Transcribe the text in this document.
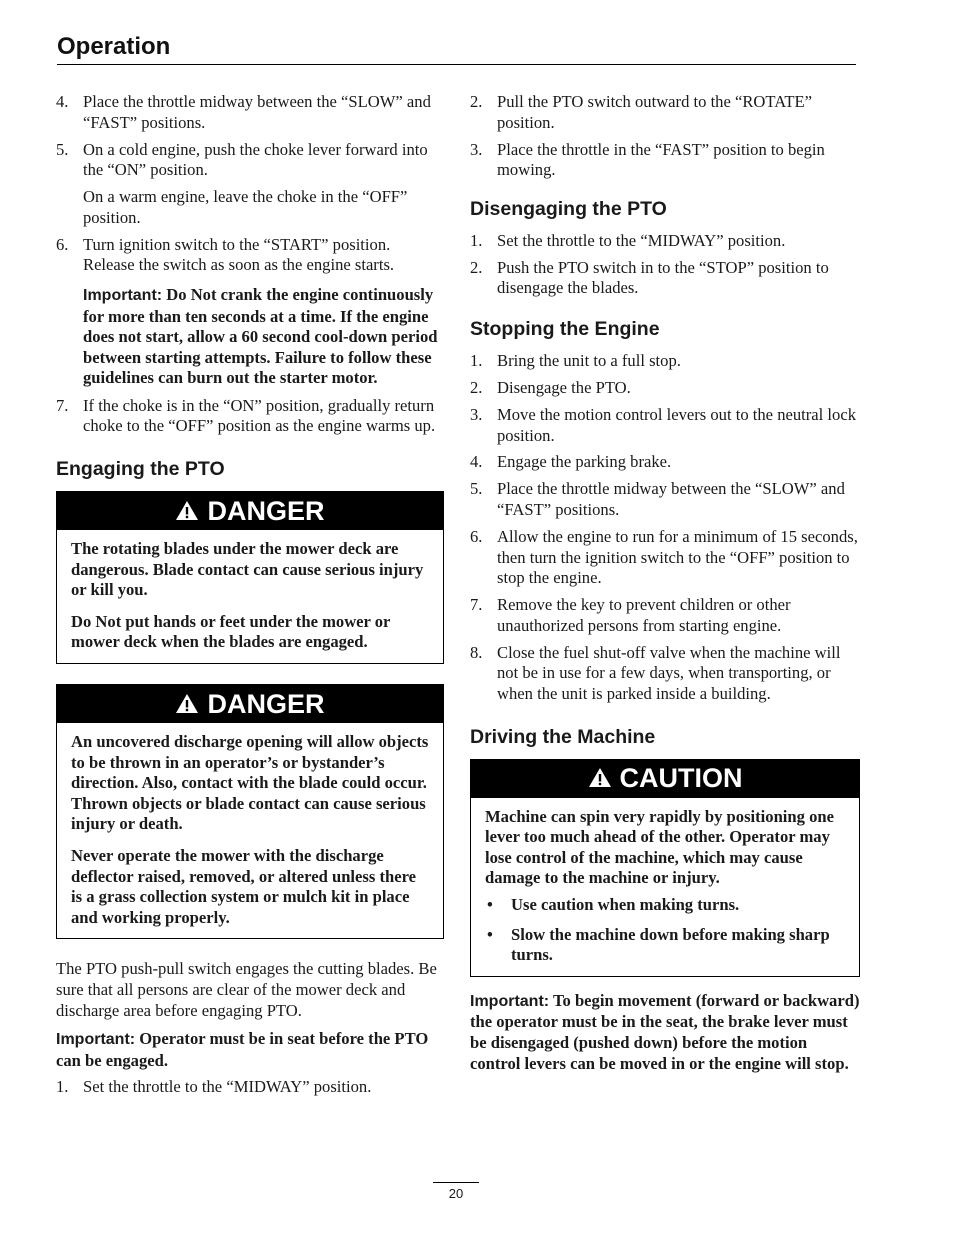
Operation
4. Place the throttle midway between the “SLOW” and “FAST” positions.
5. On a cold engine, push the choke lever forward into the “ON” position.
On a warm engine, leave the choke in the “OFF” position.
6. Turn ignition switch to the “START” position. Release the switch as soon as the engine starts.
Important: Do Not crank the engine continuously for more than ten seconds at a time. If the engine does not start, allow a 60 second cool-down period between starting attempts. Failure to follow these guidelines can burn out the starter motor.
7. If the choke is in the “ON” position, gradually return choke to the “OFF” position as the engine warms up.
Engaging the PTO
DANGER

The rotating blades under the mower deck are dangerous. Blade contact can cause serious injury or kill you.

Do Not put hands or feet under the mower or mower deck when the blades are engaged.

DANGER

An uncovered discharge opening will allow objects to be thrown in an operator’s or bystander’s direction. Also, contact with the blade could occur. Thrown objects or blade contact can cause serious injury or death.

Never operate the mower with the discharge deflector raised, removed, or altered unless there is a grass collection system or mulch kit in place and working properly.

The PTO push-pull switch engages the cutting blades. Be sure that all persons are clear of the mower deck and discharge area before engaging PTO.
Important: Operator must be in seat before the PTO can be engaged.
1. Set the throttle to the “MIDWAY” position.
2. Pull the PTO switch outward to the “ROTATE” position.
3. Place the throttle in the “FAST” position to begin mowing.
Disengaging the PTO
1. Set the throttle to the “MIDWAY” position.
2. Push the PTO switch in to the “STOP” position to disengage the blades.
Stopping the Engine
1. Bring the unit to a full stop.
2. Disengage the PTO.
3. Move the motion control levers out to the neutral lock position.
4. Engage the parking brake.
5. Place the throttle midway between the “SLOW” and “FAST” positions.
6. Allow the engine to run for a minimum of 15 seconds, then turn the ignition switch to the “OFF” position to stop the engine.
7. Remove the key to prevent children or other unauthorized persons from starting engine.
8. Close the fuel shut-off valve when the machine will not be in use for a few days, when transporting, or when the unit is parked inside a building.
Driving the Machine
CAUTION

Machine can spin very rapidly by positioning one lever too much ahead of the other. Operator may lose control of the machine, which may cause damage to the machine or injury.

• Use caution when making turns.
• Slow the machine down before making sharp turns.
Important: To begin movement (forward or backward) the operator must be in the seat, the brake lever must be disengaged (pushed down) before the motion control levers can be moved in or the engine will stop.
20
